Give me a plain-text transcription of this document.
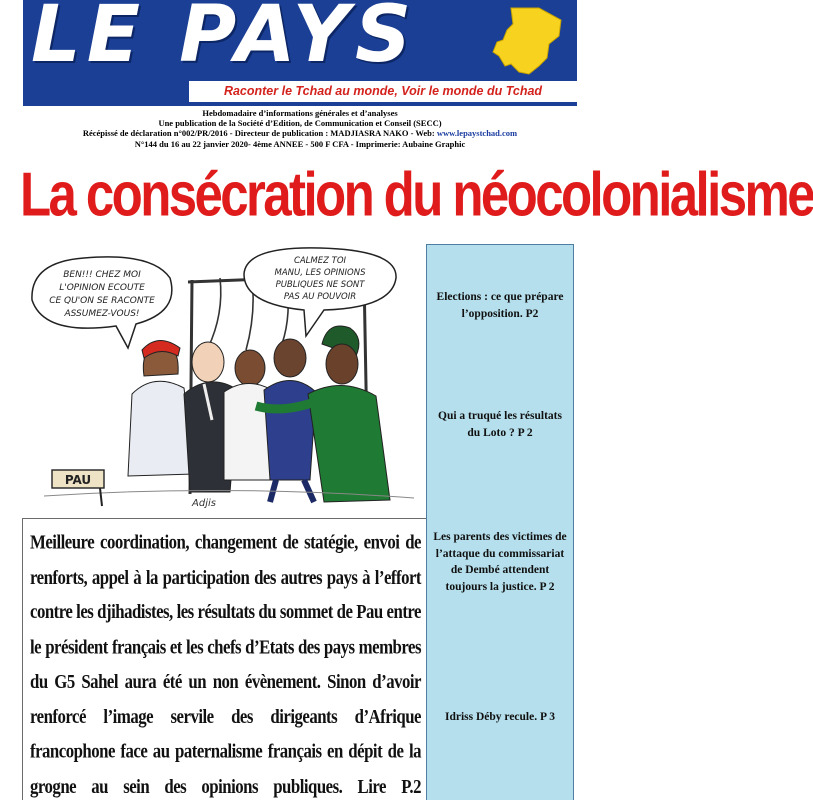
LE PAYS
Raconter le Tchad au monde, Voir le monde du Tchad
Hebdomadaire d’informations générales et d’analyses
Une publication de la Société d’Edition, de Communication et Conseil (SECC)
Récépissé de déclaration n°002/PR/2016 - Directeur de publication : MADJIASRA NAKO - Web: www.lepaystchad.com
N°144 du 16 au 22 janvier 2020- 4ème ANNEE - 500 F CFA - Imprimerie: Aubaine Graphic
La consécration du néocolonialisme
BEN!!! CHEZ MOI
L'OPINION ECOUTE
CE QU'ON SE RACONTE
ASSUMEZ-VOUS!
CALMEZ TOI
MANU, LES OPINIONS
PUBLIQUES NE SONT
PAS AU POUVOIR
PAU
Adjis

Meilleure coordination, changement de statégie, envoi de renforts, appel à la participation des autres pays à l’effort contre les djihadistes, les résultats du sommet de Pau entre le président français et les chefs d’Etats des pays membres du G5 Sahel aura été un non évènement. Sinon d’avoir renforcé l’image servile des dirigeants d’Afrique francophone face au paternalisme français en dépit de la grogne au sein des opinions publiques. Lire P.2

Elections : ce que prépare l’opposition. P2
Qui a truqué les résultats du Loto ? P 2
Les parents des victimes de l’attaque du commissariat de Dembé attendent toujours la justice. P 2
Idriss Déby recule. P 3
